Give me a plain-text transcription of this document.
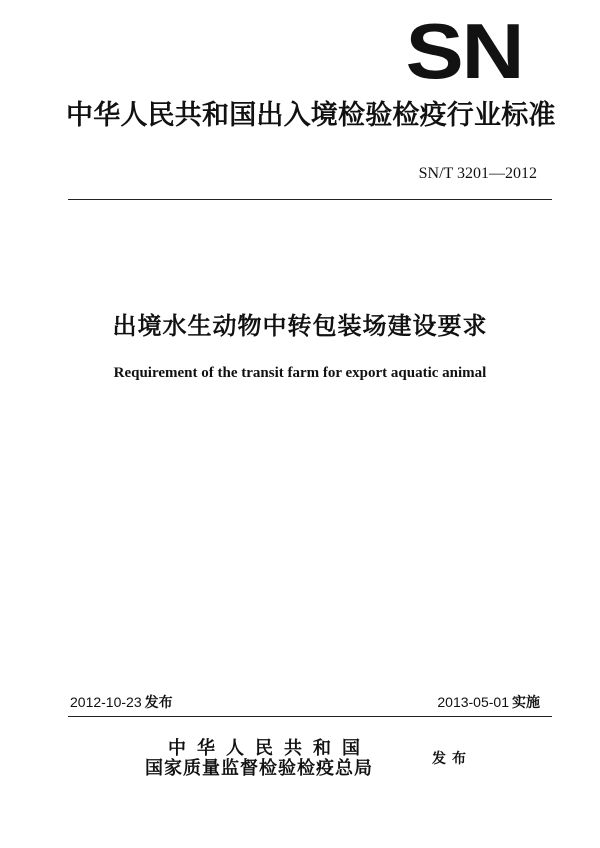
SN
中华人民共和国出入境检验检疫行业标准
SN/T 3201—2012
出境水生动物中转包装场建设要求
Requirement of the transit farm for export aquatic animal
2012-10-23 发布	2013-05-01 实施
中华人民共和国
国家质量监督检验检疫总局	发布
